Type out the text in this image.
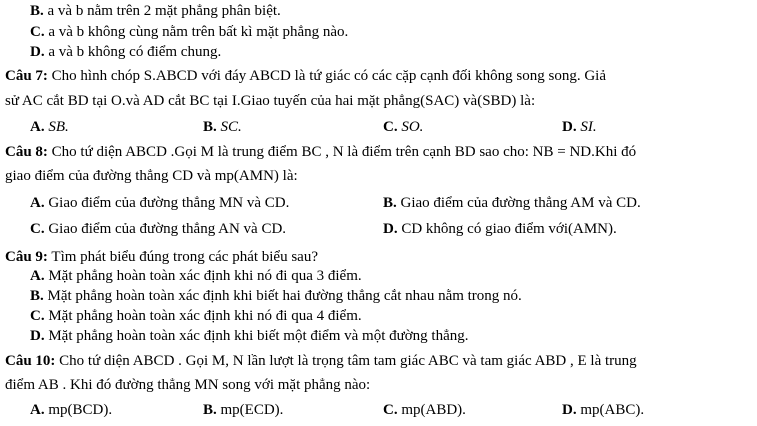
B. a và b nằm trên 2 mặt phẳng phân biệt.
C. a và b không cùng nằm trên bất kì mặt phẳng nào.
D. a và b không có điểm chung.
Câu 7: Cho hình chóp S.ABCD với đáy ABCD là tứ giác có các cặp cạnh đối không song song. Giả
sử AC cắt BD tại O.và AD cắt BC tại I.Giao tuyến của hai mặt phẳng(SAC) và(SBD) là:
A. SB.	B. SC.	C. SO.	D. SI.
Câu 8: Cho tứ diện ABCD .Gọi M là trung điểm BC , N là điểm trên cạnh BD sao cho: NB = ND.Khi đó
giao điểm của đường thẳng CD và mp(AMN) là:
A. Giao điểm của đường thẳng MN và CD.	B. Giao điểm của đường thẳng AM và CD.
C. Giao điểm của đường thẳng AN và CD.	D. CD không có giao điểm với(AMN).
Câu 9: Tìm phát biểu đúng trong các phát biểu sau?
A. Mặt phẳng hoàn toàn xác định khi nó đi qua 3 điểm.
B. Mặt phẳng hoàn toàn xác định khi biết hai đường thẳng cắt nhau nằm trong nó.
C. Mặt phẳng hoàn toàn xác định khi nó đi qua 4 điểm.
D. Mặt phẳng hoàn toàn xác định khi biết một điểm và một đường thẳng.
Câu 10: Cho tứ diện ABCD . Gọi M, N lần lượt là trọng tâm tam giác ABC và tam giác ABD , E là trung
điểm AB . Khi đó đường thẳng MN song với mặt phẳng nào:
A. mp(BCD).	B. mp(ECD).	C. mp(ABD).	D. mp(ABC).
